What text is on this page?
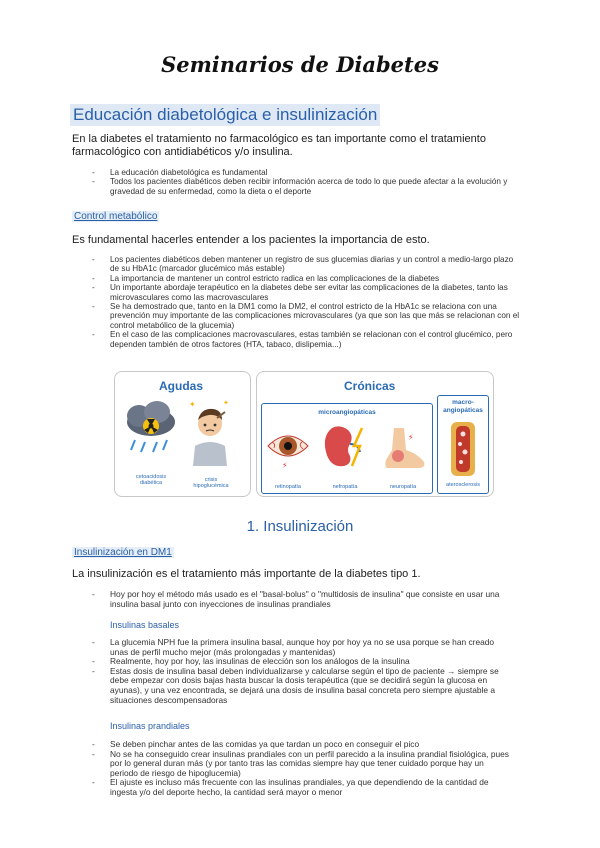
Seminarios de Diabetes
Educación diabetológica e insulinización
En la diabetes el tratamiento no farmacológico es tan importante como el tratamiento farmacológico con antidiabéticos y/o insulina.
- La educación diabetológica es fundamental
- Todos los pacientes diabéticos deben recibir información acerca de todo lo que puede afectar a la evolución y gravedad de su enfermedad, como la dieta o el deporte
Control metabólico
Es fundamental hacerles entender a los pacientes la importancia de esto.
- Los pacientes diabéticos deben mantener un registro de sus glucemias diarias y un control a medio-largo plazo de su HbA1c (marcador glucémico más estable)
- La importancia de mantener un control estricto radica en las complicaciones de la diabetes
- Un importante abordaje terapéutico en la diabetes debe ser evitar las complicaciones de la diabetes, tanto las microvasculares como las macrovasculares
- Se ha demostrado que, tanto en la DM1 como la DM2, el control estricto de la HbA1c se relaciona con una prevención muy importante de las complicaciones microvasculares (ya que son las que más se relacionan con el control metabólico de la glucemia)
- En el caso de las complicaciones macrovasculares, estas también se relacionan con el control glucémico, pero dependen también de otros factores (HTA, tabaco, dislipemia...)
Agudas
✦	✦
cetoacidosis diabética	crisis hipoglucémica
Crónicas
microangiopáticas
⚡
⚡
retinopatía	nefropatía	neuropatía
macro-angiopáticas
aterosclerosis
1. Insulinización
Insulinización en DM1
La insulinización es el tratamiento más importante de la diabetes tipo 1.
- Hoy por hoy el método más usado es el "basal-bolus" o "multidosis de insulina" que consiste en usar una insulina basal junto con inyecciones de insulinas prandiales
Insulinas basales
- La glucemia NPH fue la primera insulina basal, aunque hoy por hoy ya no se usa porque se han creado unas de perfil mucho mejor (más prolongadas y mantenidas)
- Realmente, hoy por hoy, las insulinas de elección son los análogos de la insulina
- Estas dosis de insulina basal deben individualizarse y calcularse según el tipo de paciente → siempre se debe empezar con dosis bajas hasta buscar la dosis terapéutica (que se decidirá según la glucosa en ayunas), y una vez encontrada, se dejará una dosis de insulina basal concreta pero siempre ajustable a situaciones descompensadoras
Insulinas prandiales
- Se deben pinchar antes de las comidas ya que tardan un poco en conseguir el pico
- No se ha conseguido crear insulinas prandiales con un perfil parecido a la insulina prandial fisiológica, pues por lo general duran más (y por tanto tras las comidas siempre hay que tener cuidado porque hay un periodo de riesgo de hipoglucemia)
- El ajuste es incluso más frecuente con las insulinas prandiales, ya que dependiendo de la cantidad de ingesta y/o del deporte hecho, la cantidad será mayor o menor
